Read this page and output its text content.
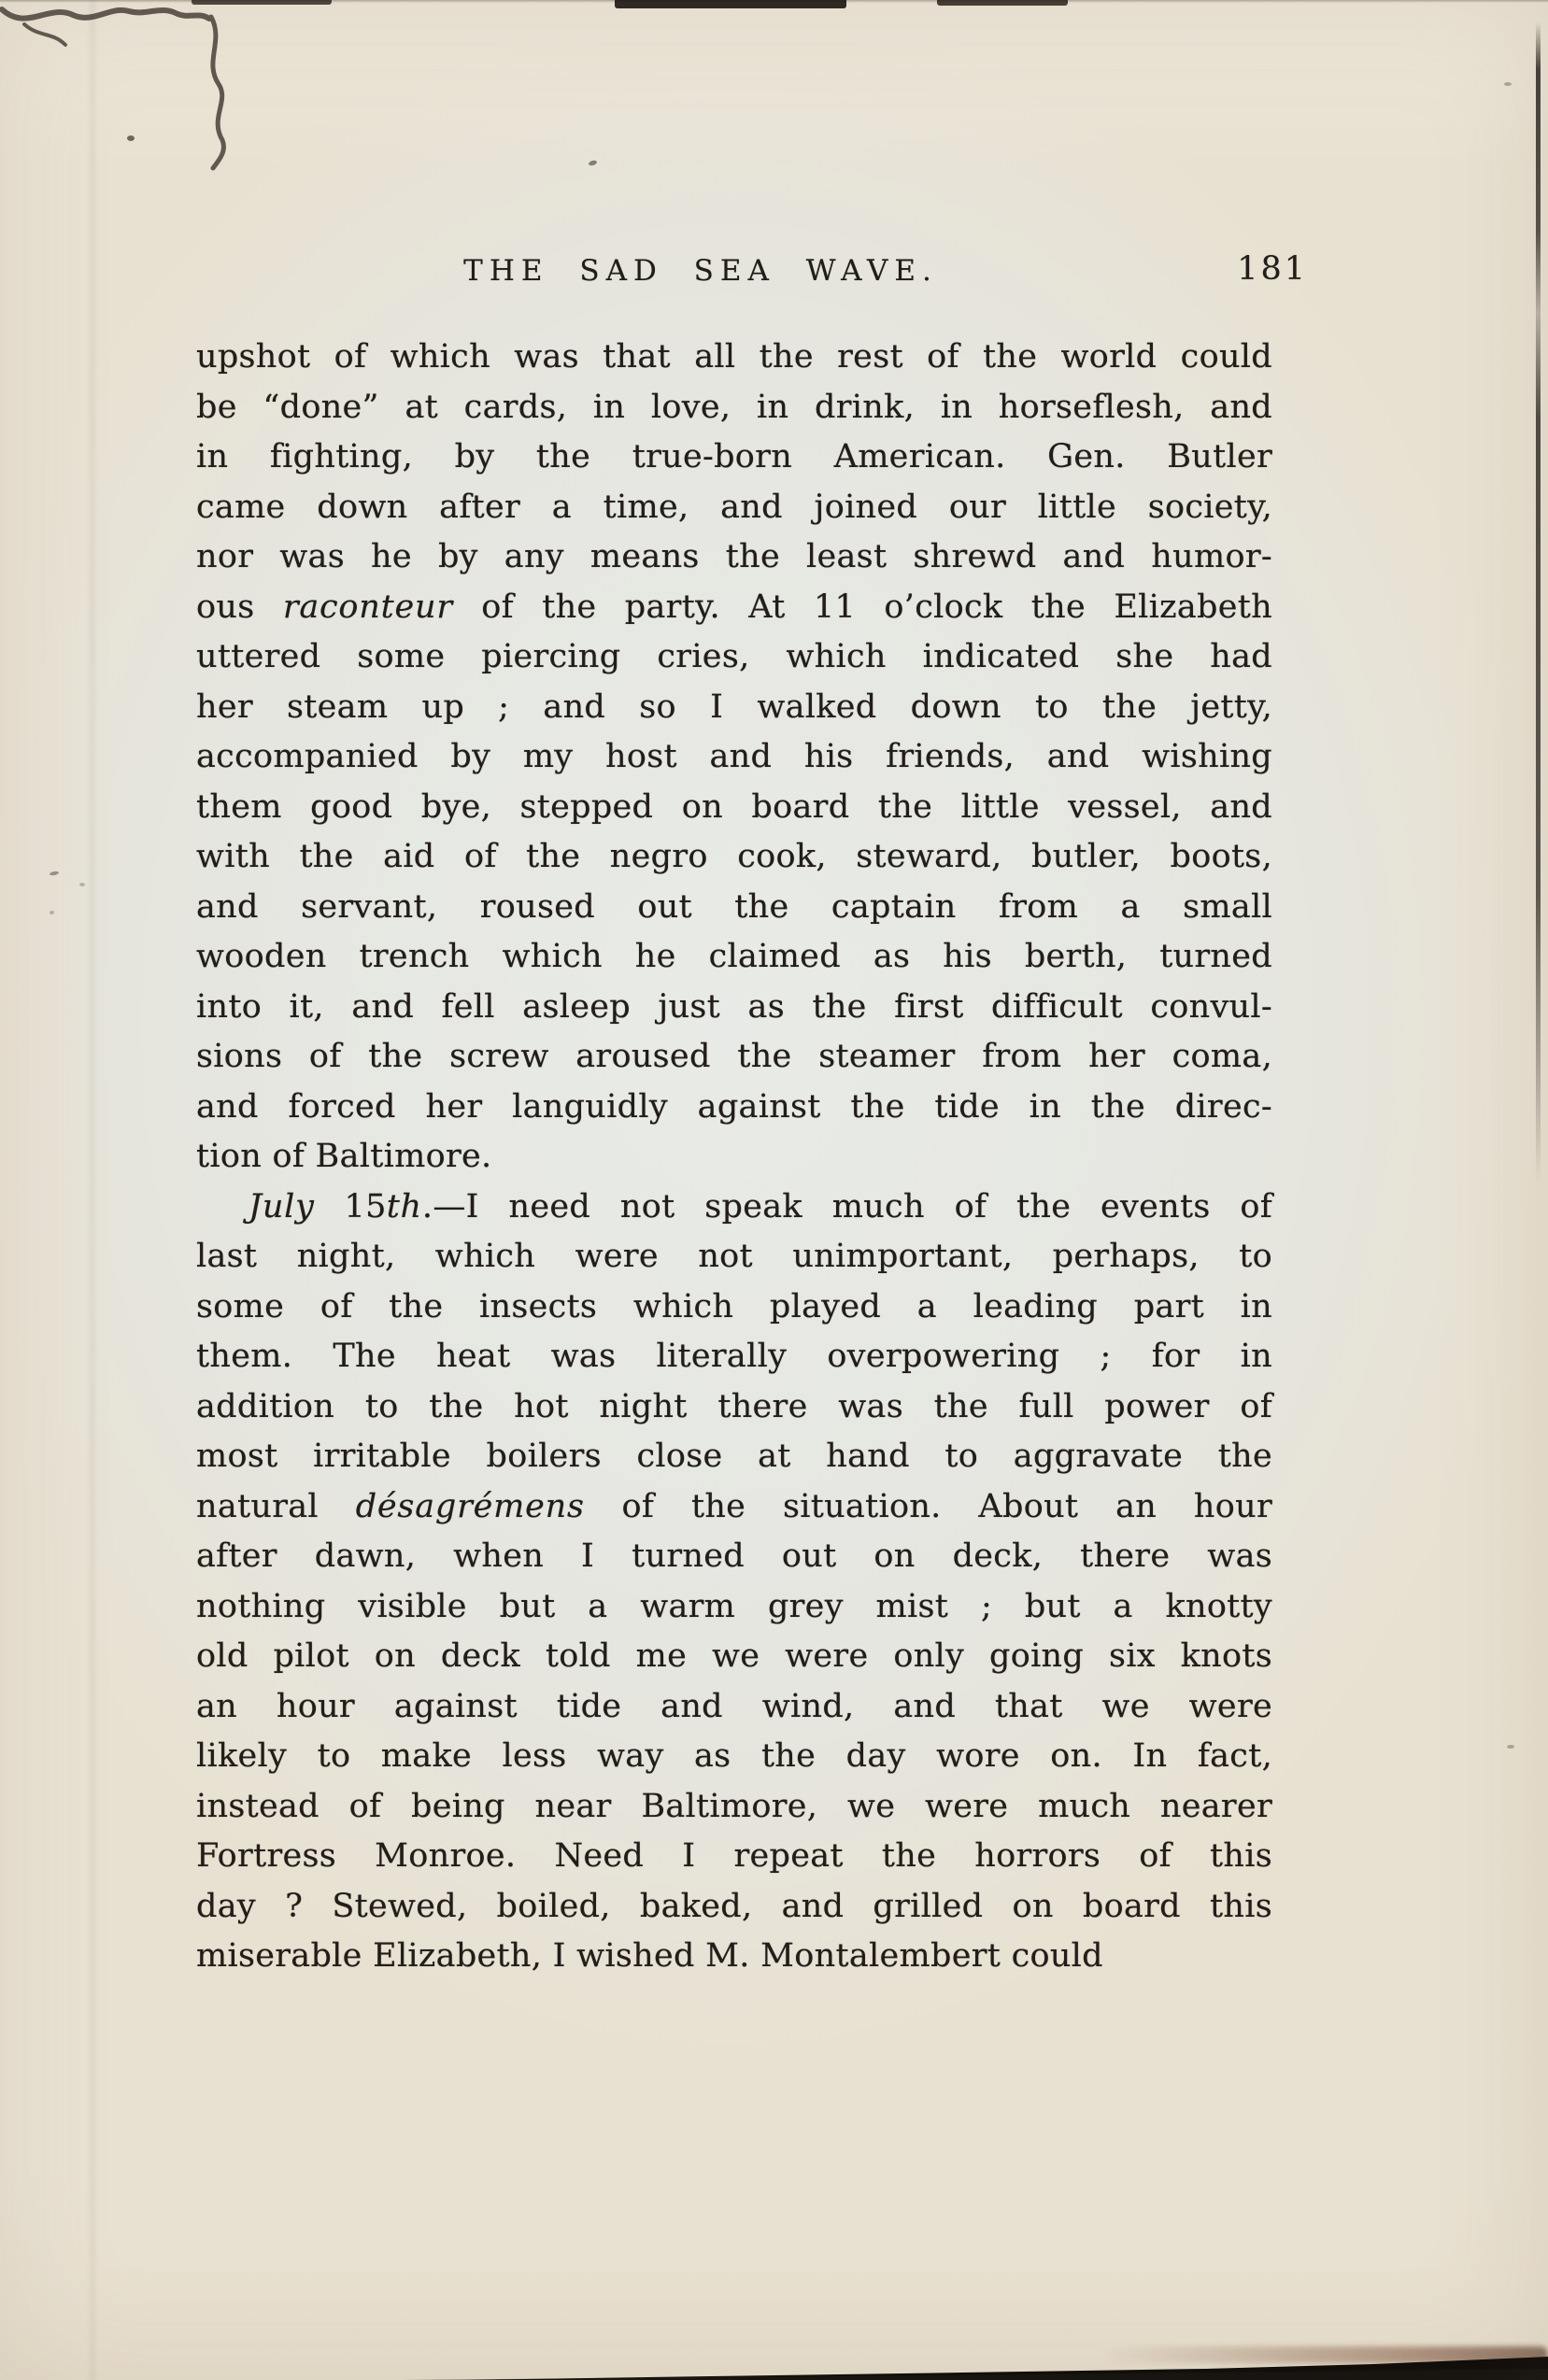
THE SAD SEA WAVE.	181
upshot of which was that all the rest of the world could
be “done” at cards, in love, in drink, in horseflesh, and
in fighting, by the true-born American. Gen. Butler
came down after a time, and joined our little society,
nor was he by any means the least shrewd and humor-
ous raconteur of the party. At 11 o’clock the Elizabeth
uttered some piercing cries, which indicated she had
her steam up ; and so I walked down to the jetty,
accompanied by my host and his friends, and wishing
them good bye, stepped on board the little vessel, and
with the aid of the negro cook, steward, butler, boots,
and servant, roused out the captain from a small
wooden trench which he claimed as his berth, turned
into it, and fell asleep just as the first difficult convul-
sions of the screw aroused the steamer from her coma,
and forced her languidly against the tide in the direc-
tion of Baltimore.
July 15th.—I need not speak much of the events of
last night, which were not unimportant, perhaps, to
some of the insects which played a leading part in
them. The heat was literally overpowering ; for in
addition to the hot night there was the full power of
most irritable boilers close at hand to aggravate the
natural désagrémens of the situation. About an hour
after dawn, when I turned out on deck, there was
nothing visible but a warm grey mist ; but a knotty
old pilot on deck told me we were only going six knots
an hour against tide and wind, and that we were
likely to make less way as the day wore on. In fact,
instead of being near Baltimore, we were much nearer
Fortress Monroe. Need I repeat the horrors of this
day ? Stewed, boiled, baked, and grilled on board this
miserable Elizabeth, I wished M. Montalembert could
